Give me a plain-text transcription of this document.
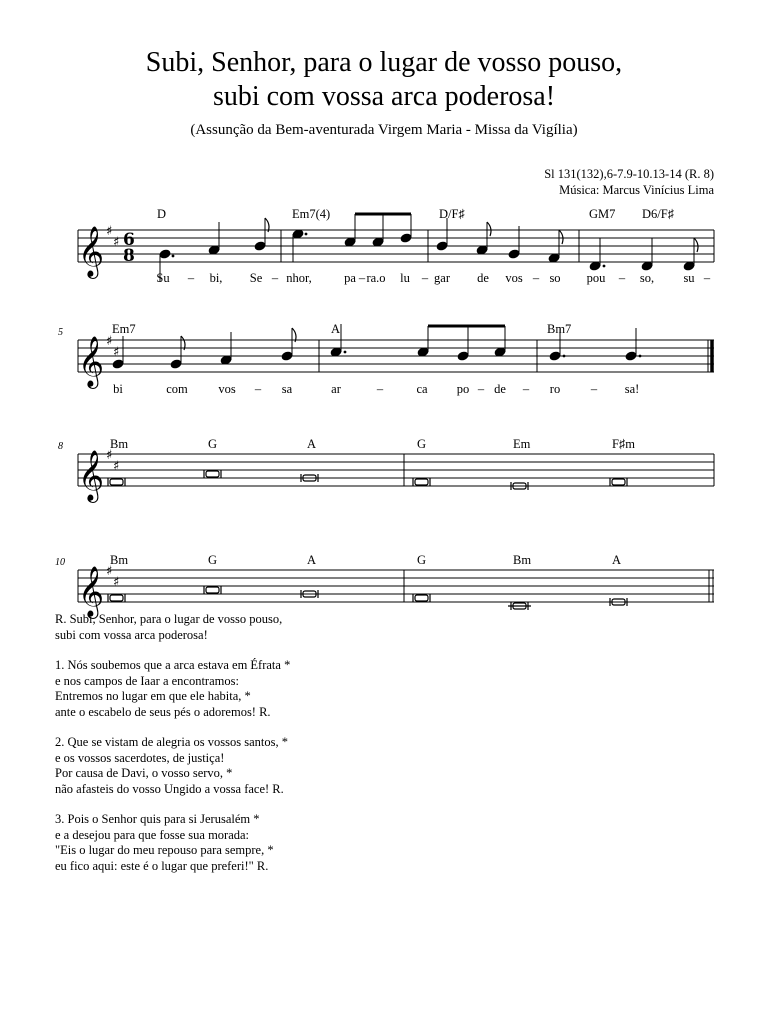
Subi, Senhor, para o lugar de vosso pouso,
subi com vossa arca poderosa!
(Assunção da Bem-aventurada Virgem Maria - Missa da Vigília)
Sl 131(132),6-7.9-10.13-14 (R. 8)
Música: Marcus Vinícius Lima
𝄞
𝄞
𝄞
𝄞
♯
♯
♯
♯
♯
♯
♯
♯
6
8
5
8
10
D	Em7(4)	D/F♯	GM7 D6/F♯
Su – bi, Se – nhor,	pa – ra.o lu – gar de vos – so pou – so, su –
Em7	A	Bm7
bi	com vos – sa	ar	–	ca po – de – ro – sa!
Bm	G	A	G	Em	F♯m
Bm	G	A	G	Bm	A
R. Subi, Senhor, para o lugar de vosso pouso,
subi com vossa arca poderosa!
1. Nós soubemos que a arca estava em Éfrata *
e nos campos de Iaar a encontramos:
Entremos no lugar em que ele habita, *
ante o escabelo de seus pés o adoremos! R.
2. Que se vistam de alegria os vossos santos, *
e os vossos sacerdotes, de justiça!
Por causa de Davi, o vosso servo, *
não afasteis do vosso Ungido a vossa face! R.
3. Pois o Senhor quis para si Jerusalém *
e a desejou para que fosse sua morada:
"Eis o lugar do meu repouso para sempre, *
eu fico aqui: este é o lugar que preferi!" R.
